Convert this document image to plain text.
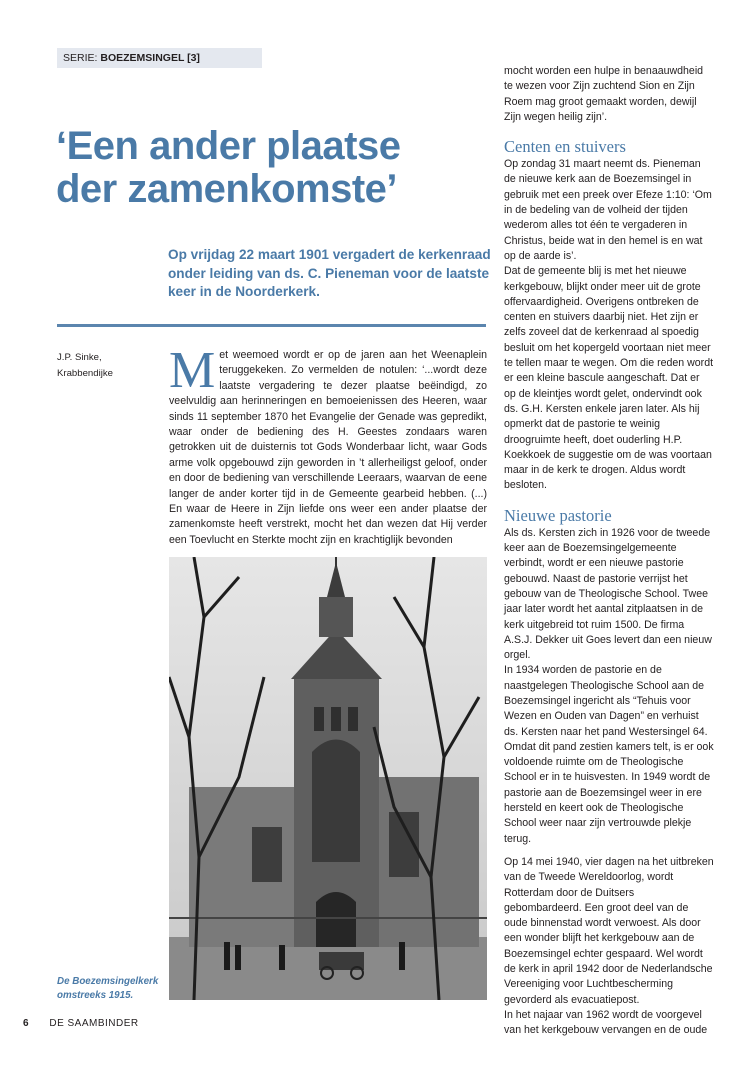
SERIE: BOEZEMSINGEL [3]
‘Een ander plaatse
der zamenkomste’

Op vrijdag 22 maart 1901 vergadert de kerkenraad onder leiding van ds. C. Pieneman voor de laatste keer in de Noorderkerk.

J.P. Sinke,
Krabbendijke	M et weemoed wordt er op de jaren aan het Weenaplein teruggekeken. Zo vermelden de notulen: ‘...wordt deze laatste vergadering te dezer plaatse beëindigd, zo veelvuldig aan herinneringen en bemoeienissen des Heeren, waar sinds 11 september 1870 het Evangelie der Genade was gepredikt, waar onder de bediening des H. Geestes zondaars waren getrokken uit de duisternis tot Gods Wonderbaar licht, waar Gods arme volk opgebouwd zijn geworden in ’t allerheiligst geloof, onder en door de bediening van verschillende Leeraars, waarvan de eene langer de ander korter tijd in de Gemeente gearbeid hebben. (...) En waar de Heere in Zijn liefde ons weer een ander plaatse der zamenkomste heeft verstrekt, mocht het dan wezen dat Hij verder een Toevlucht en Sterkte mocht zijn en krachtiglijk bevonden
De Boezemsingelkerk omstreeks 1915.

mocht worden een hulpe in benaauwdheid te wezen voor Zijn zuchtend Sion en Zijn Roem mag groot gemaakt worden, dewijl Zijn wegen heilig zijn’.

Centen en stuivers

Op zondag 31 maart neemt ds. Pieneman de nieuwe kerk aan de Boezemsingel in gebruik met een preek over Efeze 1:10: ‘Om in de bedeling van de volheid der tijden wederom alles tot één te vergaderen in Christus, beide wat in den hemel is en wat op de aarde is’.

Dat de gemeente blij is met het nieuwe kerkgebouw, blijkt onder meer uit de grote offervaardigheid. Overigens ontbreken de centen en stuivers daarbij niet. Het zijn er zelfs zoveel dat de kerkenraad al spoedig besluit om het kopergeld voortaan niet meer te tellen maar te wegen. Om die reden wordt er een kleine bascule aangeschaft. Dat er op de kleintjes wordt gelet, ondervindt ook ds. G.H. Kersten enkele jaren later. Als hij opmerkt dat de pastorie te weinig droogruimte heeft, doet ouderling H.P. Koekkoek de suggestie om de was voortaan maar in de kerk te drogen. Aldus wordt besloten.

Nieuwe pastorie

Als ds. Kersten zich in 1926 voor de tweede keer aan de Boezemsingelgemeente verbindt, wordt er een nieuwe pastorie gebouwd. Naast de pastorie verrijst het gebouw van de Theologische School. Twee jaar later wordt het aantal zitplaatsen in de kerk uitgebreid tot ruim 1500. De firma A.S.J. Dekker uit Goes levert dan een nieuw orgel.

In 1934 worden de pastorie en de naastgelegen Theologische School aan de Boezemsingel ingericht als “Tehuis voor Wezen en Ouden van Dagen” en verhuist ds. Kersten naar het pand Westersingel 64. Omdat dit pand zestien kamers telt, is er ook voldoende ruimte om de Theologische School er in te huisvesten. In 1949 wordt de pastorie aan de Boezemsingel weer in ere hersteld en keert ook de Theologische School weer naar zijn vertrouwde plekje terug.

Op 14 mei 1940, vier dagen na het uitbreken van de Tweede Wereldoorlog, wordt Rotterdam door de Duitsers gebombardeerd. Een groot deel van de oude binnenstad wordt verwoest. Als door een wonder blijft het kerkgebouw aan de Boezemsingel echter gespaard. Wel wordt de kerk in april 1942 door de Nederlandsche Vereeniging voor Luchtbescherming gevorderd als evacuatiepost.

In het najaar van 1962 wordt de voorgevel van het kerkgebouw vervangen en de oude

6 DE SAAMBINDER
